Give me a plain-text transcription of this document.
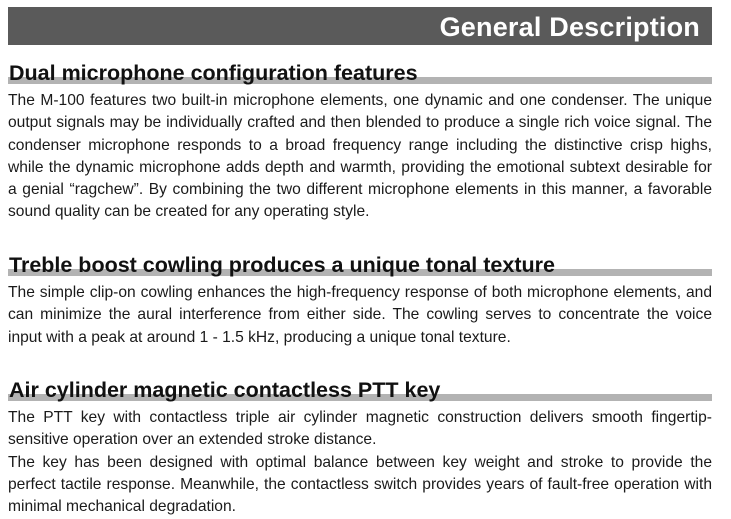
General Description
Dual microphone configuration features

The M-100 features two built-in microphone elements, one dynamic and one condenser. The unique output signals may be individually crafted and then blended to produce a single rich voice signal. The condenser microphone responds to a broad frequency range including the distinctive crisp highs, while the dynamic microphone adds depth and warmth, providing the emotional subtext desirable for a genial “ragchew”. By combining the two different microphone elements in this manner, a favorable sound quality can be created for any operating style.

Treble boost cowling produces a unique tonal texture

The simple clip-on cowling enhances the high-frequency response of both microphone elements, and can minimize the aural interference from either side. The cowling serves to concentrate the voice input with a peak at around 1 - 1.5 kHz, producing a unique tonal texture.

Air cylinder magnetic contactless PTT key

The PTT key with contactless triple air cylinder magnetic construction delivers smooth fingertip-sensitive operation over an extended stroke distance.

The key has been designed with optimal balance between key weight and stroke to provide the perfect tactile response. Meanwhile, the contactless switch provides years of fault-free operation with minimal mechanical degradation.
